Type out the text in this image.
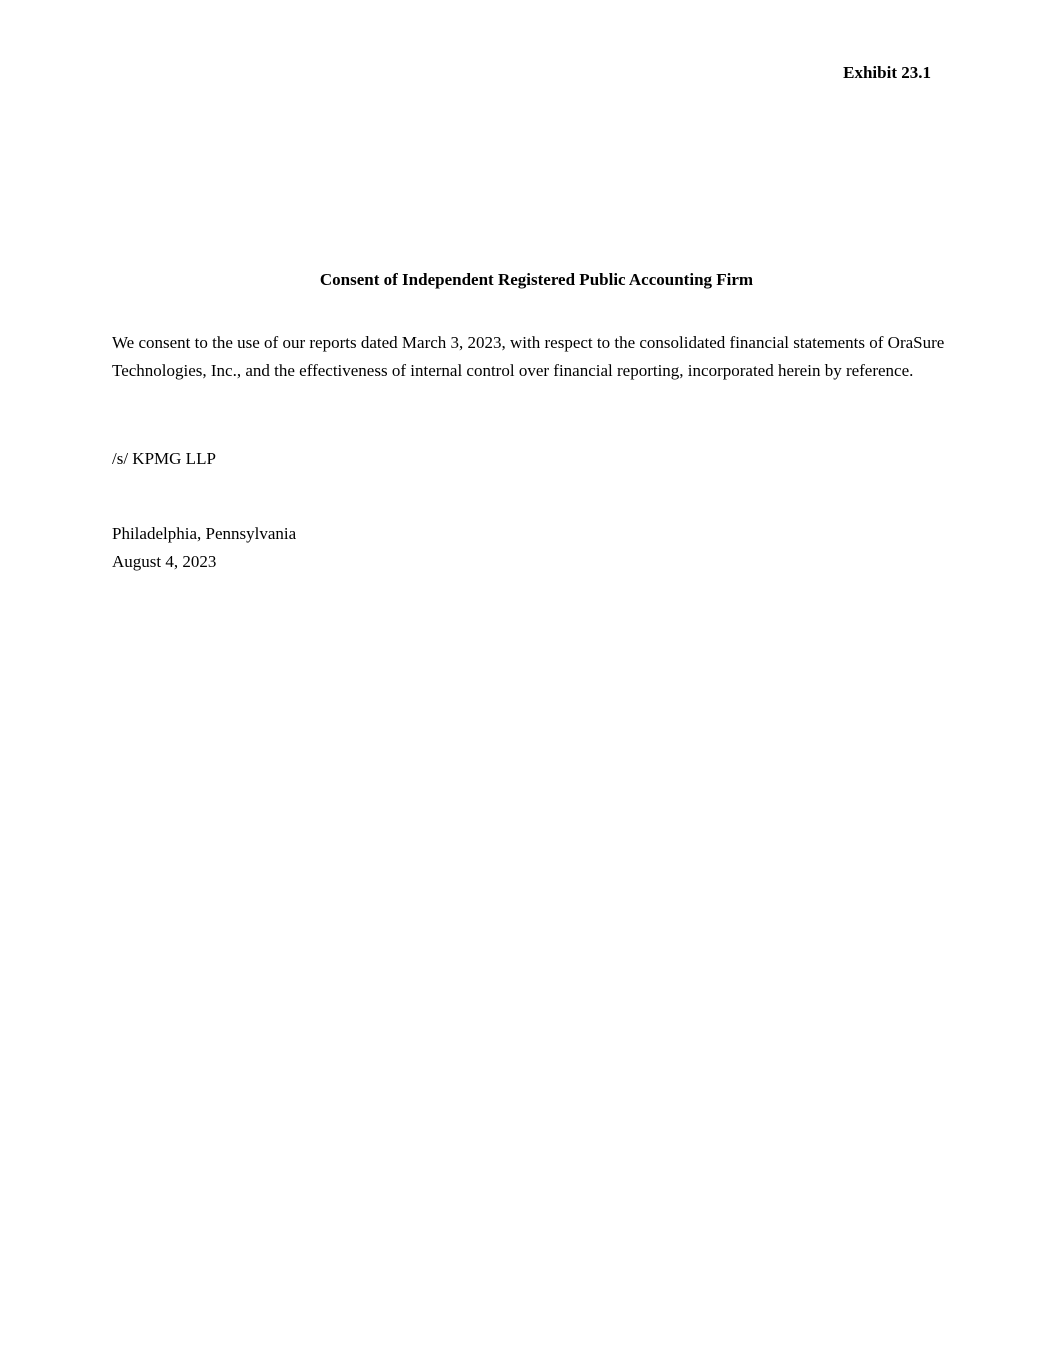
Exhibit 23.1
Consent of Independent Registered Public Accounting Firm
We consent to the use of our reports dated March 3, 2023, with respect to the consolidated financial statements of OraSure Technologies, Inc., and the effectiveness of internal control over financial reporting, incorporated herein by reference.
/s/ KPMG LLP
Philadelphia, Pennsylvania
August 4, 2023
